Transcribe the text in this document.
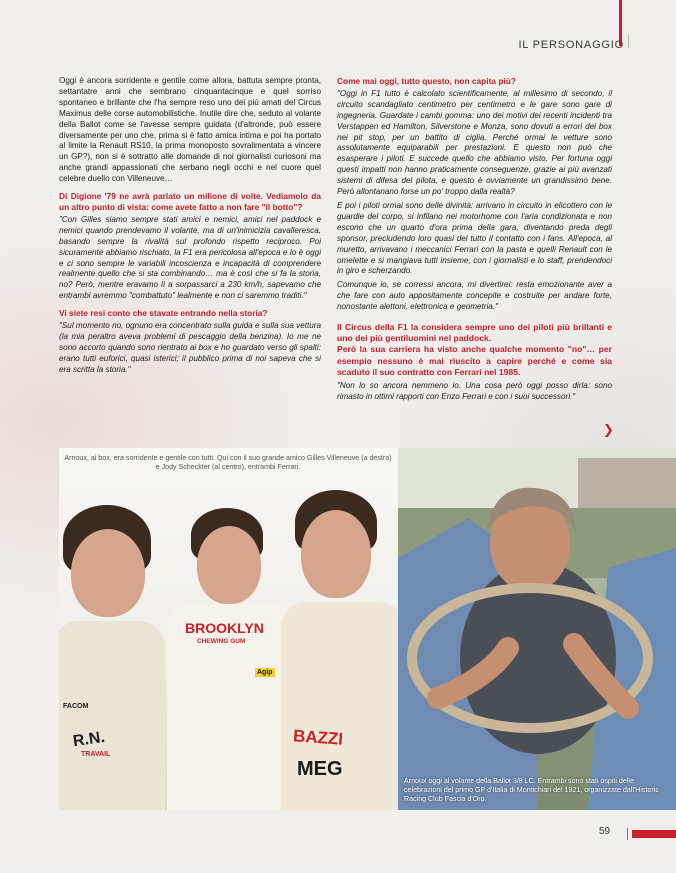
IL PERSONAGGIO

Oggi è ancora sorridente e gentile come allora, battuta sempre pronta, settantatre anni che sembrano cinquantacinque e quel sorriso spontaneo e brillante che l'ha sempre reso uno dei più amati del Circus Maximus delle corse automobilistiche. Inutile dire che, seduto al volante della Ballot come se l'avesse sempre guidata (d'altronde, può essere diversamente per uno che, prima si è fatto amica intima e poi ha portato al limite la Renault RS10, la prima monoposto sovralimentata a vincere un GP?), non si è sottratto alle domande di noi giornalisti curiosoni ma anche grandi appassionati che serbano negli occhi e nel cuore quel celebre duello con Villeneuve…

Di Digione '79 ne avrà parlato un milione di volte. Vediamolo da un altro punto di vista: come avete fatto a non fare "il botto"?

"Con Gilles siamo sempre stati amici e nemici, amici nel paddock e nemici quando prendevamo il volante, ma di un'inimicizia cavalleresca, basando sempre la rivalità sul profondo rispetto reciproco. Poi sicuramente abbiamo rischiato, la F1 era pericolosa all'epoca e lo è oggi e ci sono sempre le variabili incoscienza e incapacità di comprendere realmente quello che si sta combinando… ma è così che si fa la storia, no? Però, mentre eravamo lì a sorpassarci a 230 km/h, sapevamo che entrambi avremmo "combattuto" lealmente e non ci saremmo traditi."

Vi siete resi conto che stavate entrando nella storia?

"Sul momento no, ognuno era concentrato sulla guida e sulla sua vettura (la mia peraltro aveva problemi di pescaggio della benzina). Io me ne sono accorto quando sono rientrato ai box e ho guardato verso gli spalti: erano tutti euforici, quasi isterici; il pubblico prima di noi sapeva che si era scritta la storia."

Come mai oggi, tutto questo, non capita più?

"Oggi in F1 tutto è calcolato scientificamente, al millesimo di secondo, il circuito scandagliato centimetro per centimetro e le gare sono gare di ingegneria. Guardate i cambi gomma: uno dei motivi dei recenti incidenti tra Verstappen ed Hamilton, Silverstone e Monza, sono dovuti a errori dei box nei pit stop, per un battito di ciglia. Perché ormai le vetture sono assolutamente equiparabili per prestazioni. E questo non può che esasperare i piloti. E succede quello che abbiamo visto. Per fortuna oggi questi impatti non hanno praticamente conseguenze, grazie ai più avanzati sistemi di difesa del pilota, e questo è ovviamente un grandissimo bene. Però allontanano forse un po' troppo dalla realtà?

E poi i piloti ormai sono delle divinità: arrivano in circuito in elicottero con le guardie del corpo, si infilano nei motorhome con l'aria condizionata e non escono che un quarto d'ora prima della gara, diventando preda degli sponsor, precludendo loro quasi del tutto il contatto con i fans. All'epoca, al muretto, arrivavano i meccanici Ferrari con la pasta e quelli Renault con le omelette e si mangiava tutti insieme, con i giornalisti e lo staff, prendendoci in giro e scherzando.

Comunque io, se corressi ancora, mi divertirei: resta emozionante aver a che fare con auto appositamente concepite e costruite per andare forte, nonostante alettoni, elettronica e geometria."

Il Circus della F1 la considera sempre uno dei piloti più brillanti e uno dei più gentiluomini nel paddock.

Però la sua carriera ha visto anche qualche momento "no"… per esempio nessuno è mai riuscito a capire perché e come sia scaduto il suo contratto con Ferrari nel 1985.

"Non lo so ancora nemmeno io. Una cosa però oggi posso dirla: sono rimasto in ottimi rapporti con Enzo Ferrari e con i suoi successori."

❯
Arnoux, ai box, era sorridente e gentile con tutti. Qui con il suo grande amico Gilles Villeneuve (a destra) e Jody Scheckter (al centro), entrambi Ferrari.
R.N.
TRAVAIL
FACOM
BROOKLYN
CHEWING GUM
Agip
BAZZI
MEG
Arnoux oggi al volante della Ballot 3/8 LC. Entrambi sono stati ospiti delle celebrazioni del primo GP d'Italia di Montichiari del 1921, organizzate dall'Historic Racing Club Fascia d'Oro.
59
